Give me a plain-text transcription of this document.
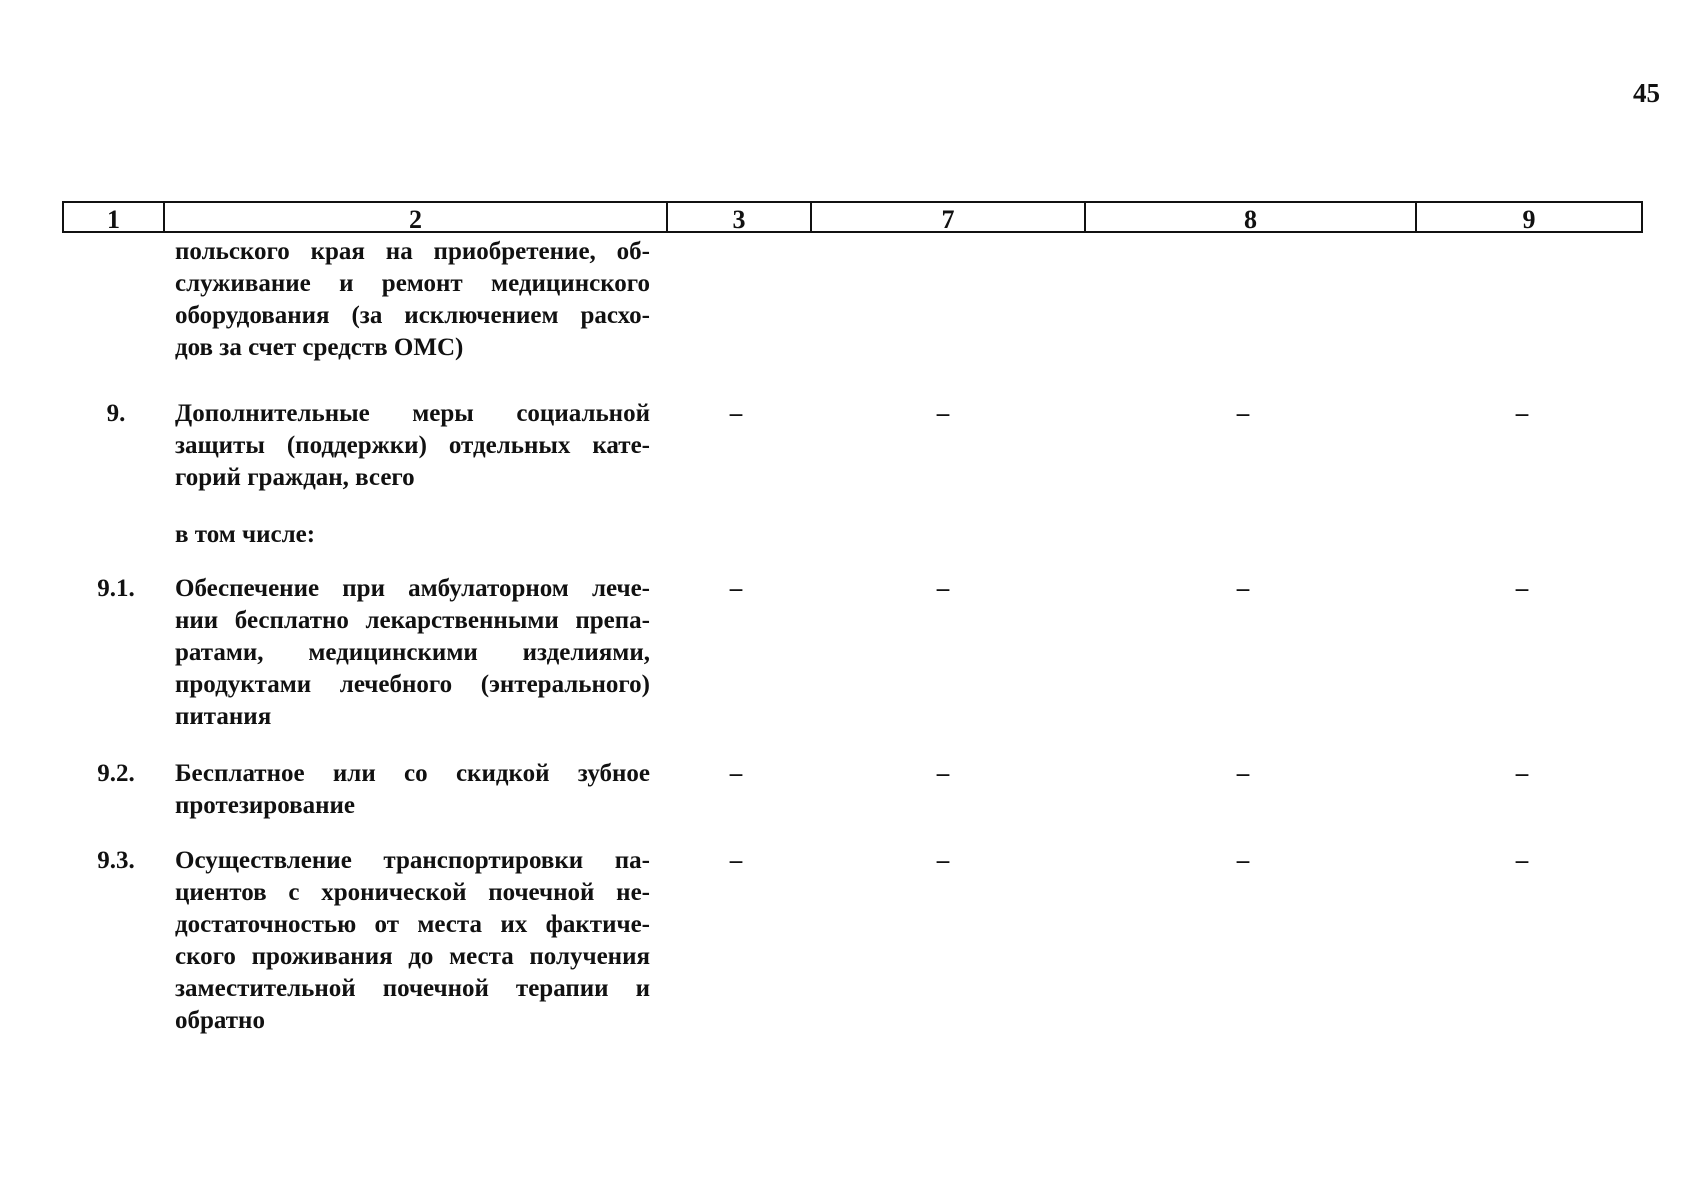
45
1	2	3	7	8	9
польского края на приобретение, об-
служивание и ремонт медицинского
оборудования (за исключением расхо-
дов за счет средств ОМС)
9.	Дополнительные меры социальной
защиты (поддержки) отдельных кате-
горий граждан, всего
–	–	–	–
в том числе:
9.1.	Обеспечение при амбулаторном лече-
нии бесплатно лекарственными препа-
ратами, медицинскими изделиями,
продуктами лечебного (энтерального)
питания
–	–	–	–
9.2.	Бесплатное или со скидкой зубное
протезирование
–	–	–	–
9.3.	Осуществление транспортировки па-
циентов с хронической почечной не-
достаточностью от места их фактиче-
ского проживания до места получения
заместительной почечной терапии и
обратно
–	–	–	–
